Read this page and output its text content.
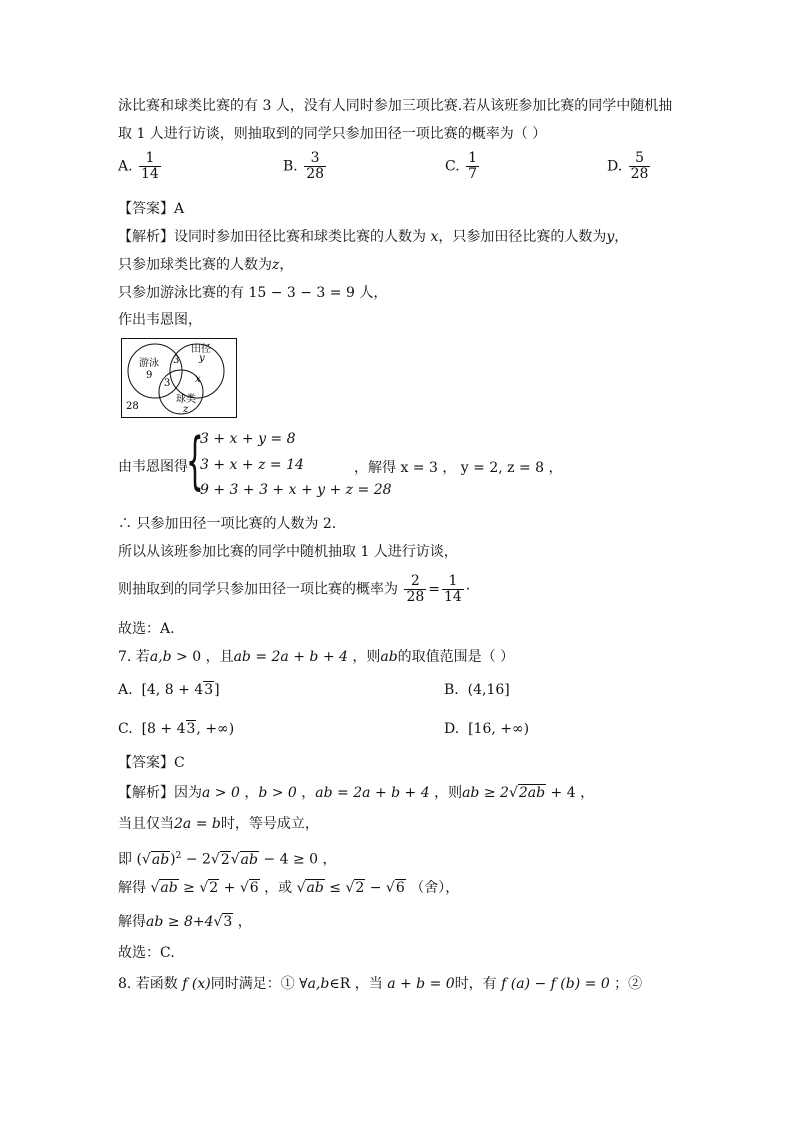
泳比赛和球类比赛的有 3 人，没有人同时参加三项比赛.若从该班参加比赛的同学中随机抽
取 1 人进行访谈，则抽取到的同学只参加田径一项比赛的概率为（ ）
A. $\frac{1}{14}$	B. $\frac{3}{28}$	C. $\frac{1}{7}$	D. $\frac{5}{28}$
【答案】A
【解析】设同时参加田径比赛和球类比赛的人数为 x，只参加田径比赛的人数为y，
只参加球类比赛的人数为z，
只参加游泳比赛的有 15 − 3 − 3 = 9 人，
作出韦恩图，
游泳
9
田径
y
3
3 x
球类
z
28
由韦恩图得
{
3 + x + y = 8
3 + x + z = 14
9 + 3 + 3 + x + y + z = 28
，解得 x = 3 ， y = 2, z = 8 ，
∴ 只参加田径一项比赛的人数为 2.
所以从该班参加比赛的同学中随机抽取 1 人进行访谈，
则抽取到的同学只参加田径一项比赛的概率为 $\frac{2}{28} = \frac{1}{14}$ ·
故选：A.
7. 若a,b > 0 ，且ab = 2a + b + 4 ，则ab的取值范围是（ ）
A. [4, 8 + 43]	B. (4,16]
C. [8 + 43, +∞)	D. [16, +∞)
【答案】C
【解析】因为a > 0 ，b > 0 ，ab = 2a + b + 4 ，则ab ≥ 2√2ab + 4 ，
当且仅当2a = b时，等号成立，
即 $(√ab)^2 - 2√2√ab - 4 \ge 0$ ，
解得 √ab ≥ √2 + √6 ，或 √ab ≤ √2 − √6 （舍），
解得ab ≥ 8+4√3 ，
故选：C.
8. 若函数 f (x)同时满足：① ∀a,b∈R ，当 a + b = 0时，有 f (a) − f (b) = 0 ；②
